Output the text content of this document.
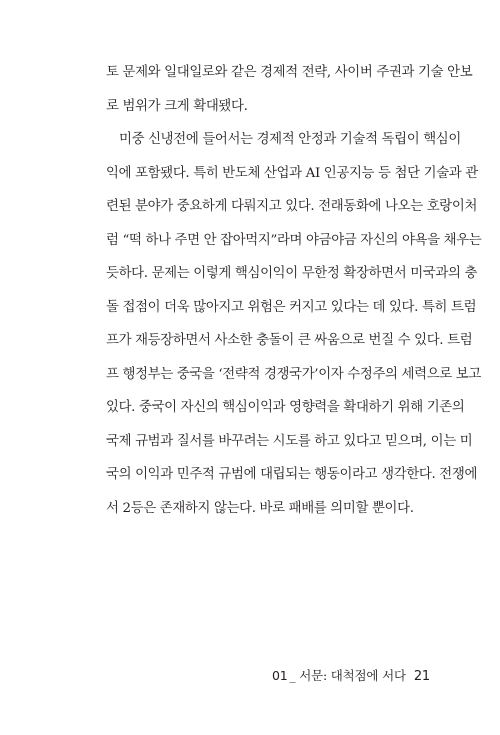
토 문제와 일대일로와 같은 경제적 전략, 사이버 주권과 기술 안보
로 범위가 크게 확대됐다.
미중 신냉전에 들어서는 경제적 안정과 기술적 독립이 핵심이
익에 포함됐다. 특히 반도체 산업과 AI 인공지능 등 첨단 기술과 관
련된 분야가 중요하게 다뤄지고 있다. 전래동화에 나오는 호랑이처
럼 “떡 하나 주면 안 잡아먹지”라며 야금야금 자신의 야욕을 채우는
듯하다. 문제는 이렇게 핵심이익이 무한정 확장하면서 미국과의 충
돌 접점이 더욱 많아지고 위험은 커지고 있다는 데 있다. 특히 트럼
프가 재등장하면서 사소한 충돌이 큰 싸움으로 번질 수 있다. 트럼
프 행정부는 중국을 ‘전략적 경쟁국가’이자 수정주의 세력으로 보고
있다. 중국이 자신의 핵심이익과 영향력을 확대하기 위해 기존의
국제 규범과 질서를 바꾸려는 시도를 하고 있다고 믿으며, 이는 미
국의 이익과 민주적 규범에 대립되는 행동이라고 생각한다. 전쟁에
서 2등은 존재하지 않는다. 바로 패배를 의미할 뿐이다.
01 _ 서문: 대척점에 서다 21
